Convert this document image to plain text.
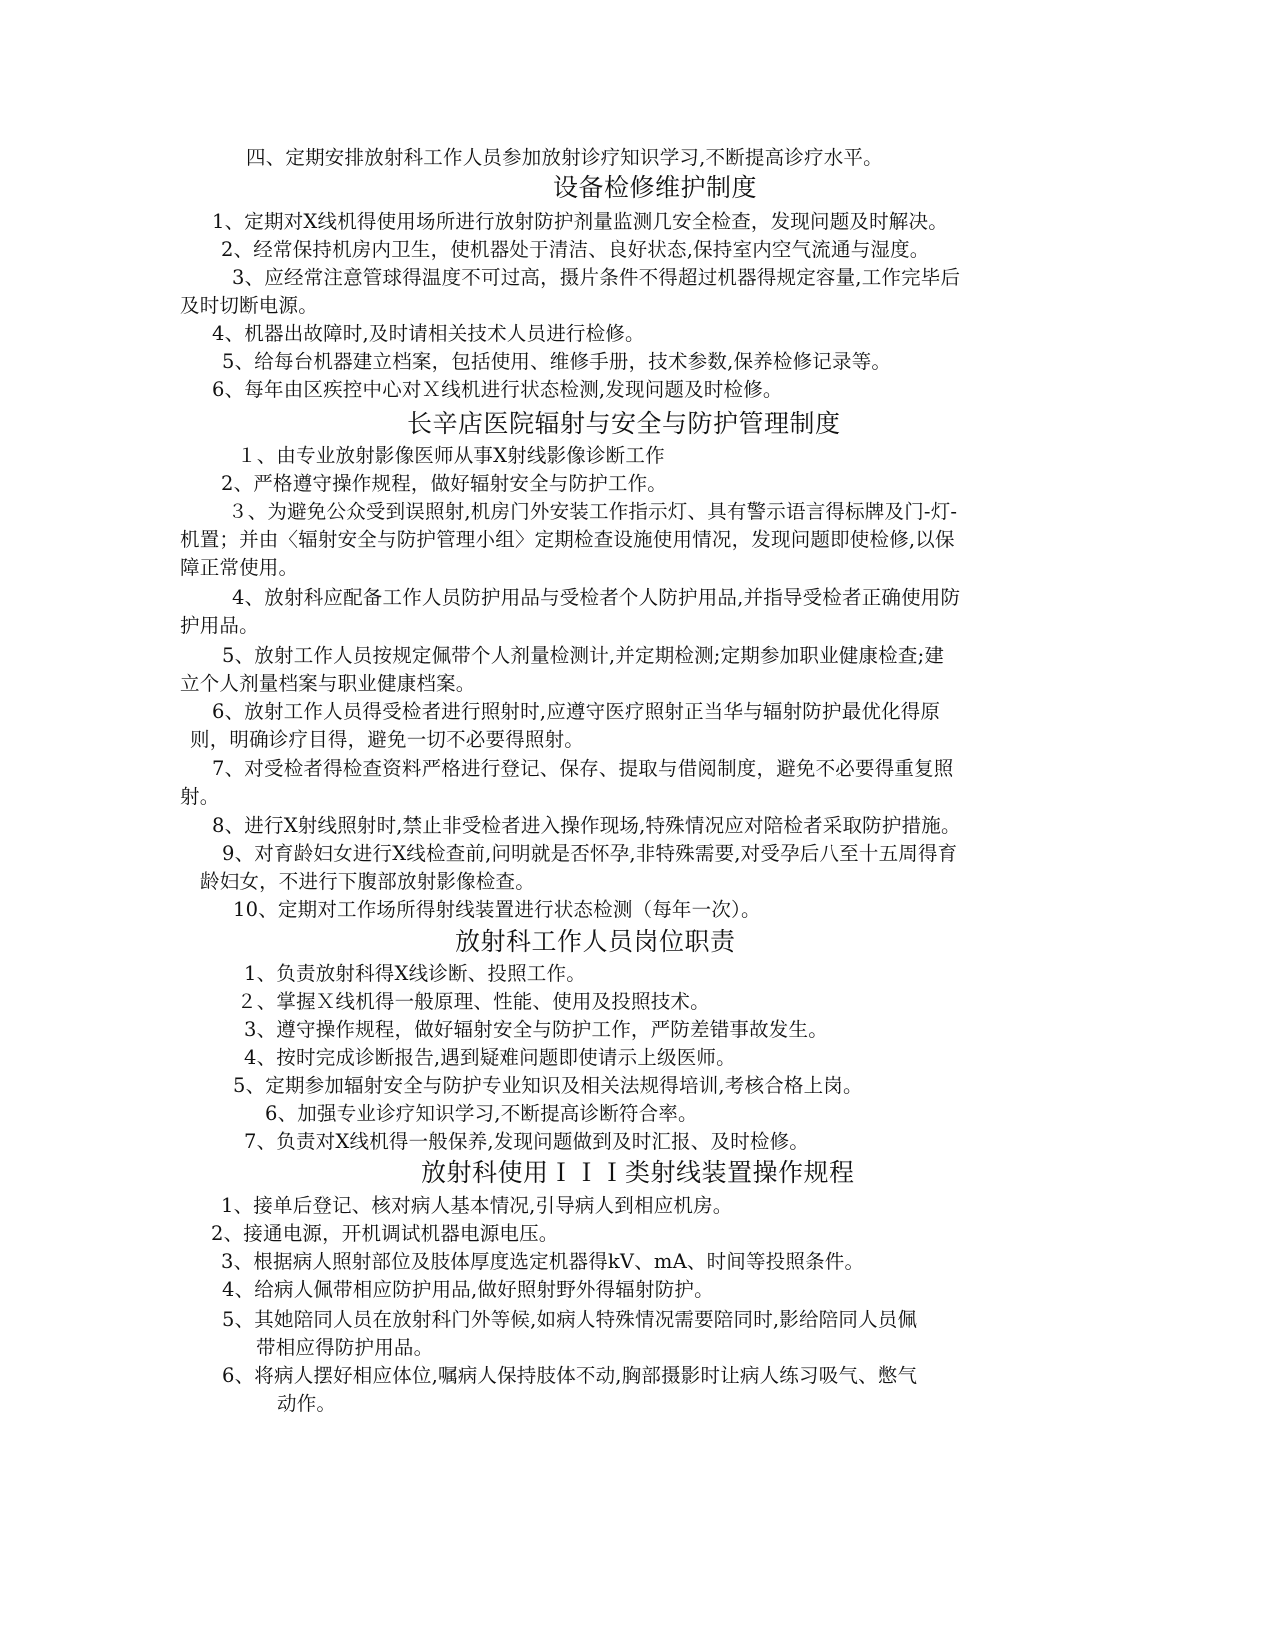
四、定期安排放射科工作人员参加放射诊疗知识学习,不断提高诊疗水平。
设备检修维护制度
1、定期对X线机得使用场所进行放射防护剂量监测几安全检查，发现问题及时解决。
2、经常保持机房内卫生，使机器处于清洁、良好状态,保持室内空气流通与湿度。
3、应经常注意管球得温度不可过高，摄片条件不得超过机器得规定容量,工作完毕后
及时切断电源。
4、机器出故障时,及时请相关技术人员进行检修。
5、给每台机器建立档案，包括使用、维修手册，技术参数,保养检修记录等。
6、每年由区疾控中心对Ｘ线机进行状态检测,发现问题及时检修。
长辛店医院辐射与安全与防护管理制度
１、由专业放射影像医师从事X射线影像诊断工作
2、严格遵守操作规程，做好辐射安全与防护工作。
３、为避免公众受到误照射,机房门外安装工作指示灯、具有警示语言得标牌及门-灯-
机置；并由〈辐射安全与防护管理小组〉定期检查设施使用情况，发现问题即使检修,以保
障正常使用。
4、放射科应配备工作人员防护用品与受检者个人防护用品,并指导受检者正确使用防
护用品。
5、放射工作人员按规定佩带个人剂量检测计,并定期检测;定期参加职业健康检查;建
立个人剂量档案与职业健康档案。
6、放射工作人员得受检者进行照射时,应遵守医疗照射正当华与辐射防护最优化得原
则，明确诊疗目得，避免一切不必要得照射。
7、对受检者得检查资料严格进行登记、保存、提取与借阅制度，避免不必要得重复照
射。
8、进行X射线照射时,禁止非受检者进入操作现场,特殊情况应对陪检者采取防护措施。
9、对育龄妇女进行X线检查前,问明就是否怀孕,非特殊需要,对受孕后八至十五周得育
龄妇女，不进行下腹部放射影像检查。
10、定期对工作场所得射线装置进行状态检测（每年一次）。
放射科工作人员岗位职责
1、负责放射科得X线诊断、投照工作。
２、掌握Ｘ线机得一般原理、性能、使用及投照技术。
3、遵守操作规程，做好辐射安全与防护工作，严防差错事故发生。
4、按时完成诊断报告,遇到疑难问题即使请示上级医师。
5、定期参加辐射安全与防护专业知识及相关法规得培训,考核合格上岗。
6、加强专业诊疗知识学习,不断提高诊断符合率。
7、负责对X线机得一般保养,发现问题做到及时汇报、及时检修。
放射科使用ＩＩＩ类射线装置操作规程
1、接单后登记、核对病人基本情况,引导病人到相应机房。
2、接通电源，开机调试机器电源电压。
3、根据病人照射部位及肢体厚度选定机器得kV、mA、时间等投照条件。
4、给病人佩带相应防护用品,做好照射野外得辐射防护。
5、其她陪同人员在放射科门外等候,如病人特殊情况需要陪同时,影给陪同人员佩
带相应得防护用品。
6、将病人摆好相应体位,嘱病人保持肢体不动,胸部摄影时让病人练习吸气、憋气
动作。
